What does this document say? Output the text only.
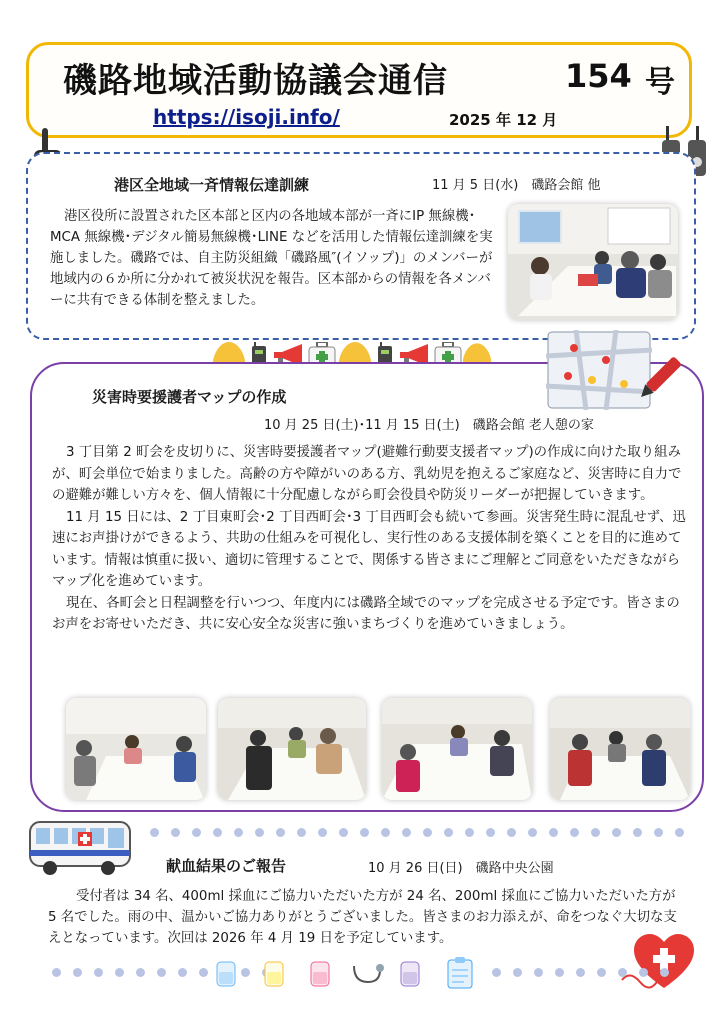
磯路地域活動協議会通信	154 号
https://isoji.info/	2025 年 12 月
港区全地域一斉情報伝達訓練	11 月 5 日(水)　磯路会館 他
港区役所に設置された区本部と区内の各地域本部が一斉にIP 無線機･MCA 無線機･デジタル簡易無線機･LINE などを活用した情報伝達訓練を実施しました。磯路では、自主防災組織「磯路風″(イソップ)」のメンバーが地域内の６か所に分かれて被災状況を報告。区本部からの情報を各メンバーに共有できる体制を整えました。
災害時要援護者マップの作成
10 月 25 日(土)･11 月 15 日(土)　磯路会館 老人憩の家

3 丁目第 2 町会を皮切りに、災害時要援護者マップ(避難行動要支援者マップ)の作成に向けた取り組みが、町会単位で始まりました。高齢の方や障がいのある方、乳幼児を抱えるご家庭など、災害時に自力での避難が難しい方々を、個人情報に十分配慮しながら町会役員や防災リーダーが把握していきます。

11 月 15 日には、2 丁目東町会･2 丁目西町会･3 丁目西町会も続いて参画。災害発生時に混乱せず、迅速にお声掛けができるよう、共助の仕組みを可視化し、実行性のある支援体制を築くことを目的に進めています。情報は慎重に扱い、適切に管理することで、関係する皆さまにご理解とご同意をいただきながらマップ化を進めています。

現在、各町会と日程調整を行いつつ、年度内には磯路全域でのマップを完成させる予定です。皆さまのお声をお寄せいただき、共に安心安全な災害に強いまちづくりを進めていきましょう。

献血結果のご報告	10 月 26 日(日)　磯路中央公園
受付者は 34 名、400ml 採血にご協力いただいた方が 24 名、200ml 採血にご協力いただいた方が 5 名でした。雨の中、温かいご協力ありがとうございました。皆さまのお力添えが、命をつなぐ大切な支えとなっています。次回は 2026 年 4 月 19 日を予定しています。
